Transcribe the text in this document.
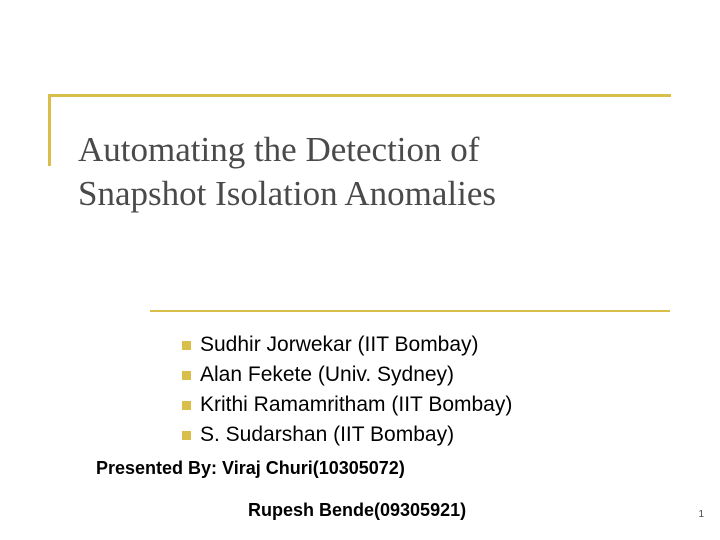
Automating the Detection of
Snapshot Isolation Anomalies
Sudhir Jorwekar (IIT Bombay)
Alan Fekete (Univ. Sydney)
Krithi Ramamritham (IIT Bombay)
S. Sudarshan (IIT Bombay)

Presented By: Viraj Churi(10305072)

Rupesh Bende(09305921)	1
